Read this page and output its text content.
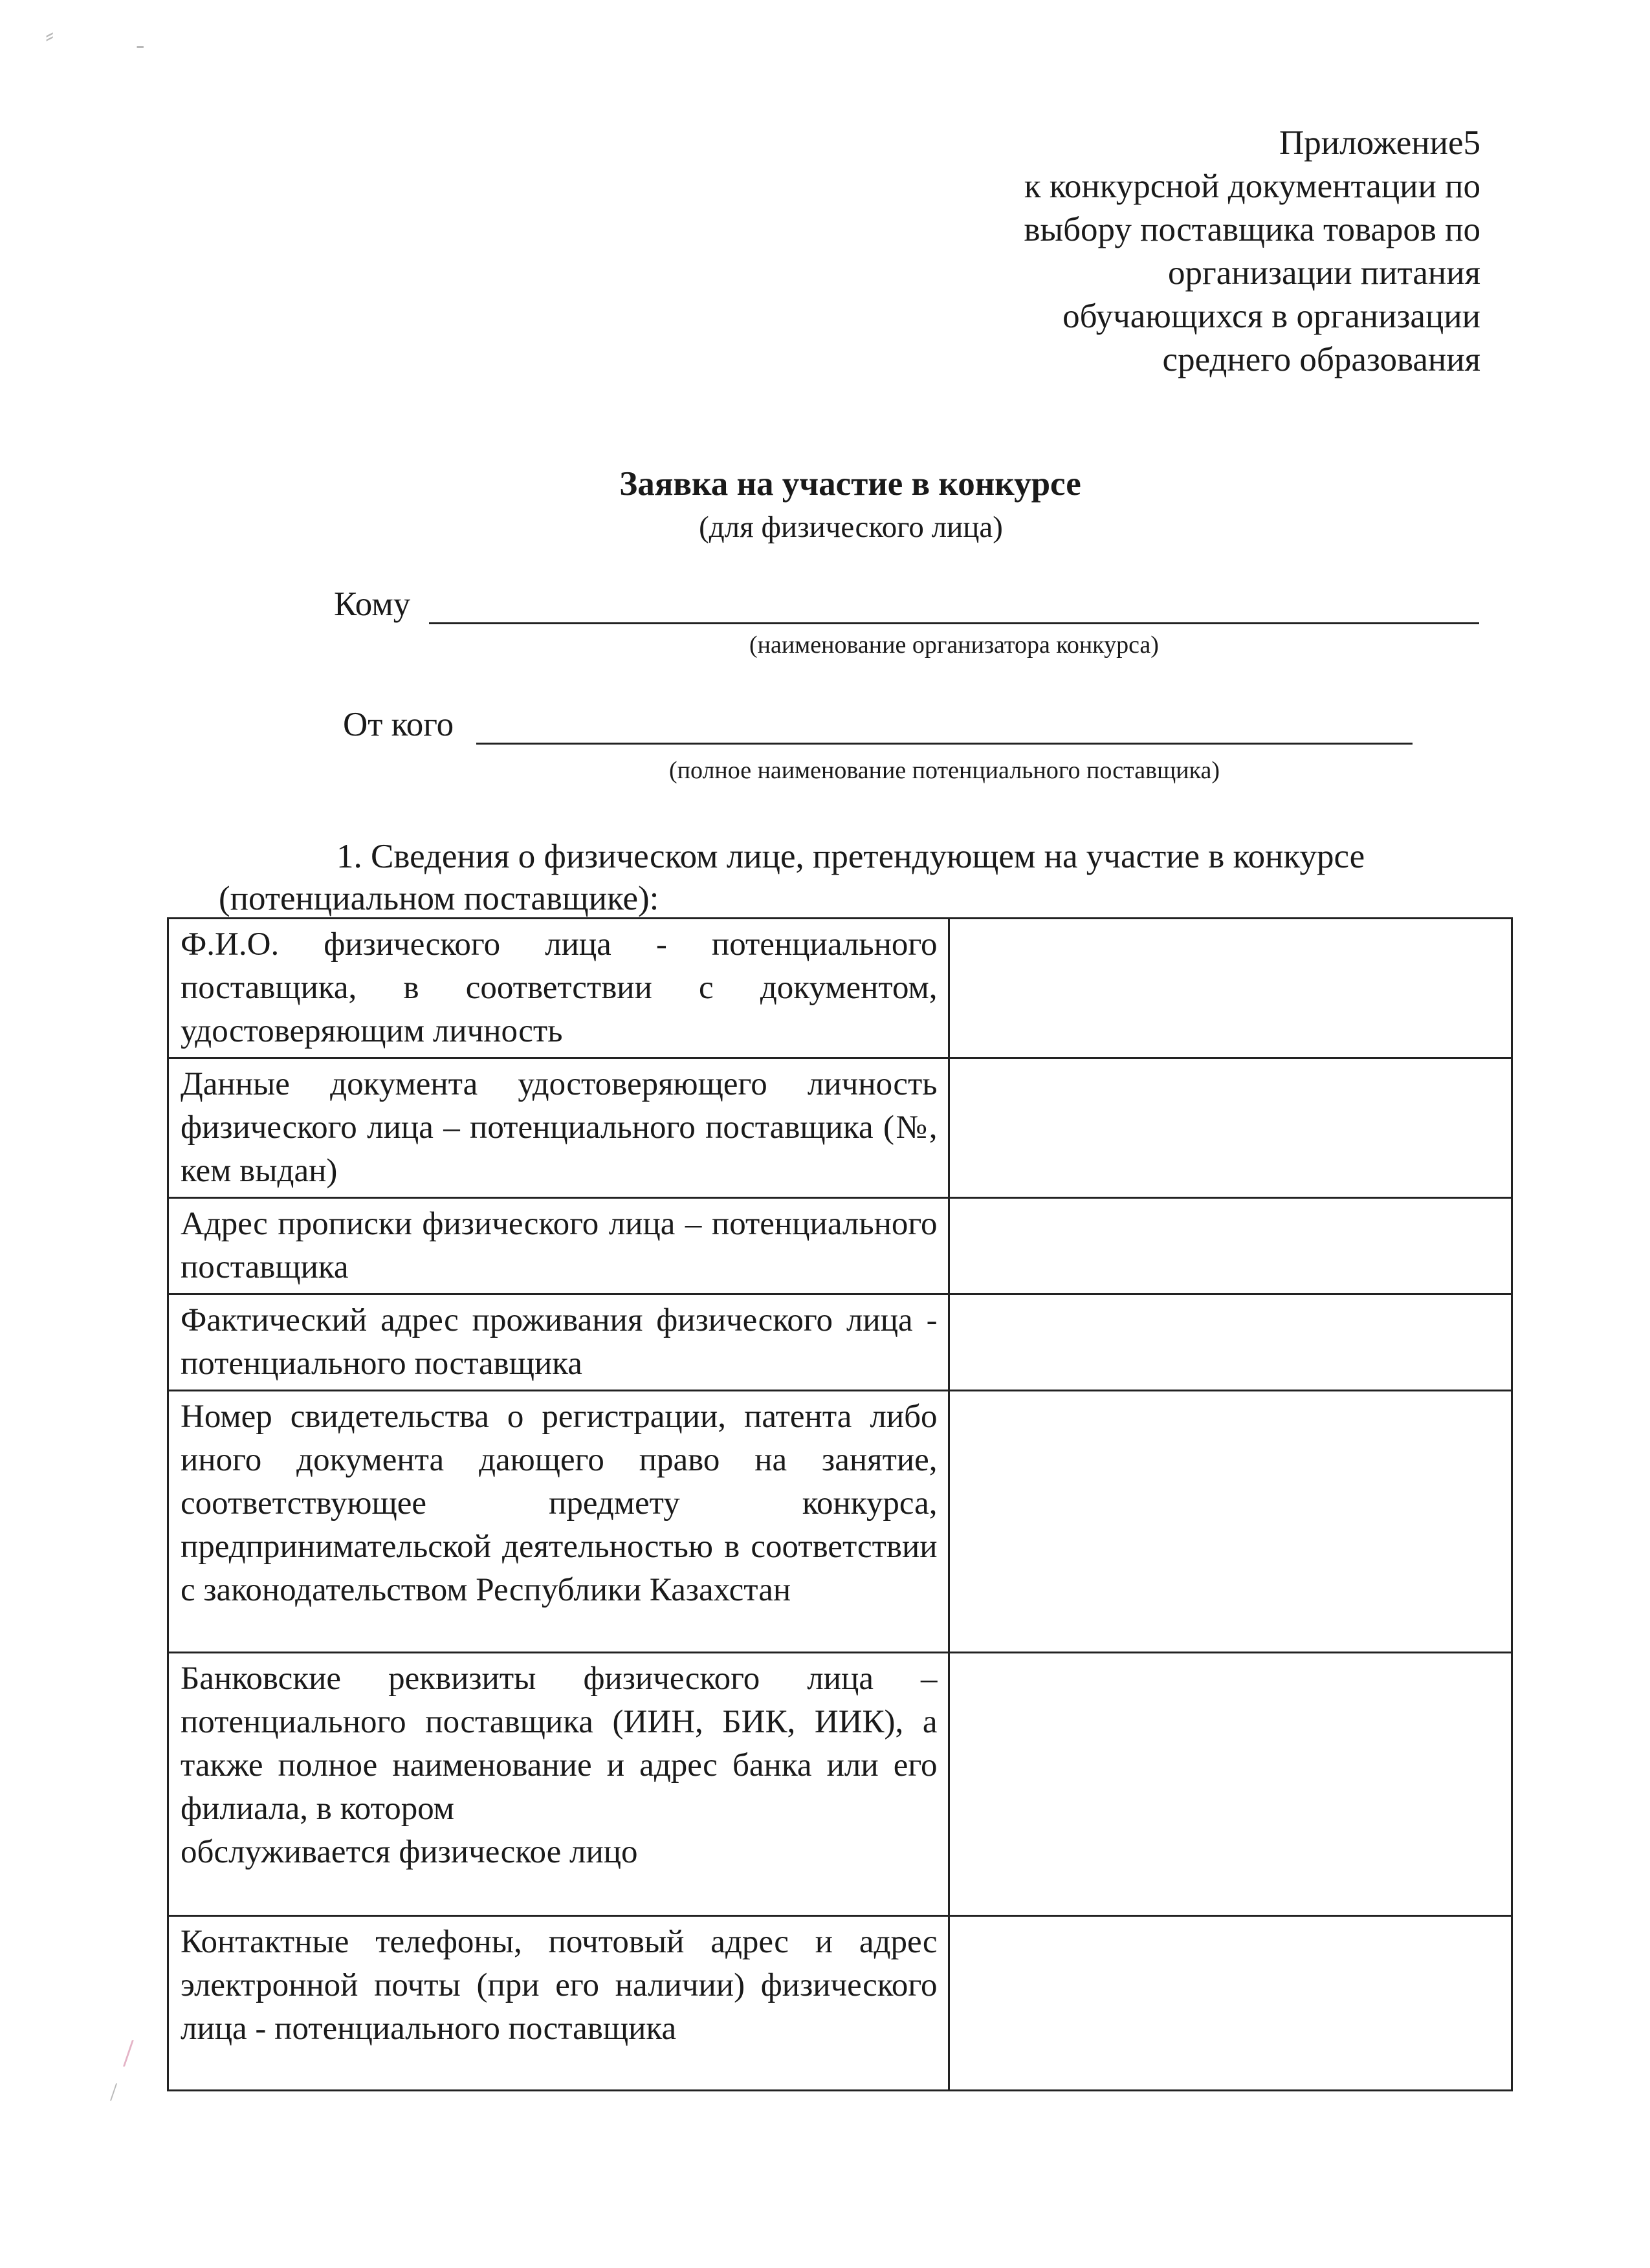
Приложение5
к конкурсной документации по
выбору поставщика товаров по
организации питания
обучающихся в организации
среднего образования
Заявка на участие в конкурсе
(для физического лица)
Кому
(наименование организатора конкурса)
От кого
(полное наименование потенциального поставщика)
1. Сведения о физическом лице, претендующем на участие в конкурсе
(потенциальном поставщике):
Ф.И.О. физического лица - потенциального поставщика, в соответствии с документом, удостоверяющим личность	
Данные документа удостоверяющего личность физического лица – потенциального поставщика (№, кем выдан)	
Адрес прописки физического лица – потенциального поставщика	
Фактический адрес проживания физического лица - потенциального поставщика	
Номер свидетельства о регистрации, патента либо иного документа дающего право на занятие, соответствующее предмету конкурса, предпринимательской деятельностью в соответствии с законодательством Республики Казахстан	
Банковские реквизиты физического лица – потенциального поставщика (ИИН, БИК, ИИК), а также полное наименование и адрес банка или его филиала, в котором
обслуживается физическое лицо	
Контактные телефоны, почтовый адрес и адрес электронной почты (при его наличии) физического лица - потенциального поставщика	
⸗	-
/
/
